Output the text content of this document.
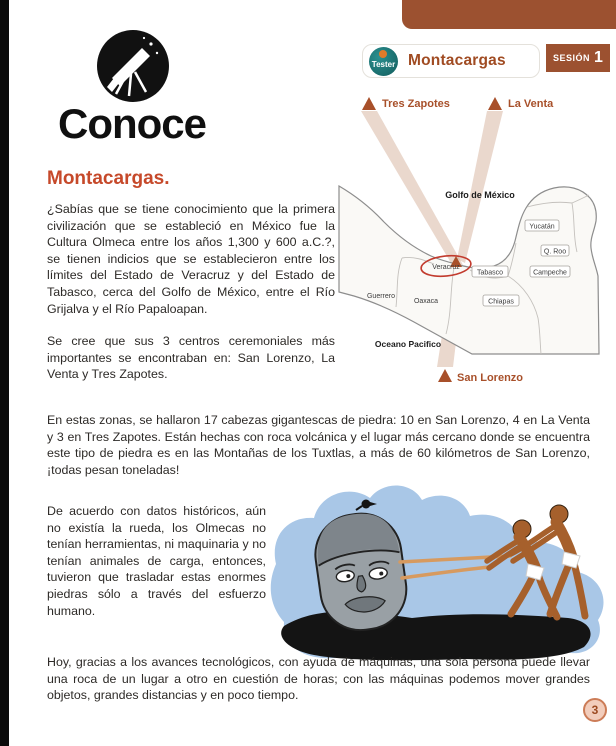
Conoce
Tester Montacargas	SESIÓN 1
Golfo de México
Oceano Pacifico
Yucatán
Q. Roo
Campeche
Tabasco
Chiapas
Veracruz
Guerrero
Oaxaca
Tres Zapotes	La Venta
San Lorenzo
Montacargas.

¿Sabías que se tiene conocimiento que la primera civilización que se estableció en México fue la Cultura Olmeca entre los años 1,300 y 600 a.C.?, se tienen indicios que se establecieron entre los límites del Estado de Veracruz y del Estado de Tabasco, cerca del Golfo de México, entre el Río Grijalva y el Río Papaloapan.

Se cree que sus 3 centros ceremoniales más importantes se encontraban en: San Lorenzo, La Venta y Tres Zapotes.

En estas zonas, se hallaron 17 cabezas gigantescas de piedra: 10 en San Lorenzo, 4 en La Venta y 3 en Tres Zapotes. Están hechas con roca volcánica y el lugar más cercano donde se encuentra este tipo de piedra es en las Montañas de los Tuxtlas, a más de 60 kilómetros de San Lorenzo, ¡todas pesan toneladas!

De acuerdo con datos históricos, aún no existía la rueda, los Olmecas no tenían herramientas, ni maquinaria y no tenían animales de carga, entonces, tuvieron que trasladar estas enormes piedras sólo a través del esfuerzo humano.

Hoy, gracias a los avances tecnológicos, con ayuda de máquinas, una sola persona puede llevar una roca de un lugar a otro en cuestión de horas; con las máquinas podemos mover grandes objetos, grandes distancias y en poco tiempo.

3
